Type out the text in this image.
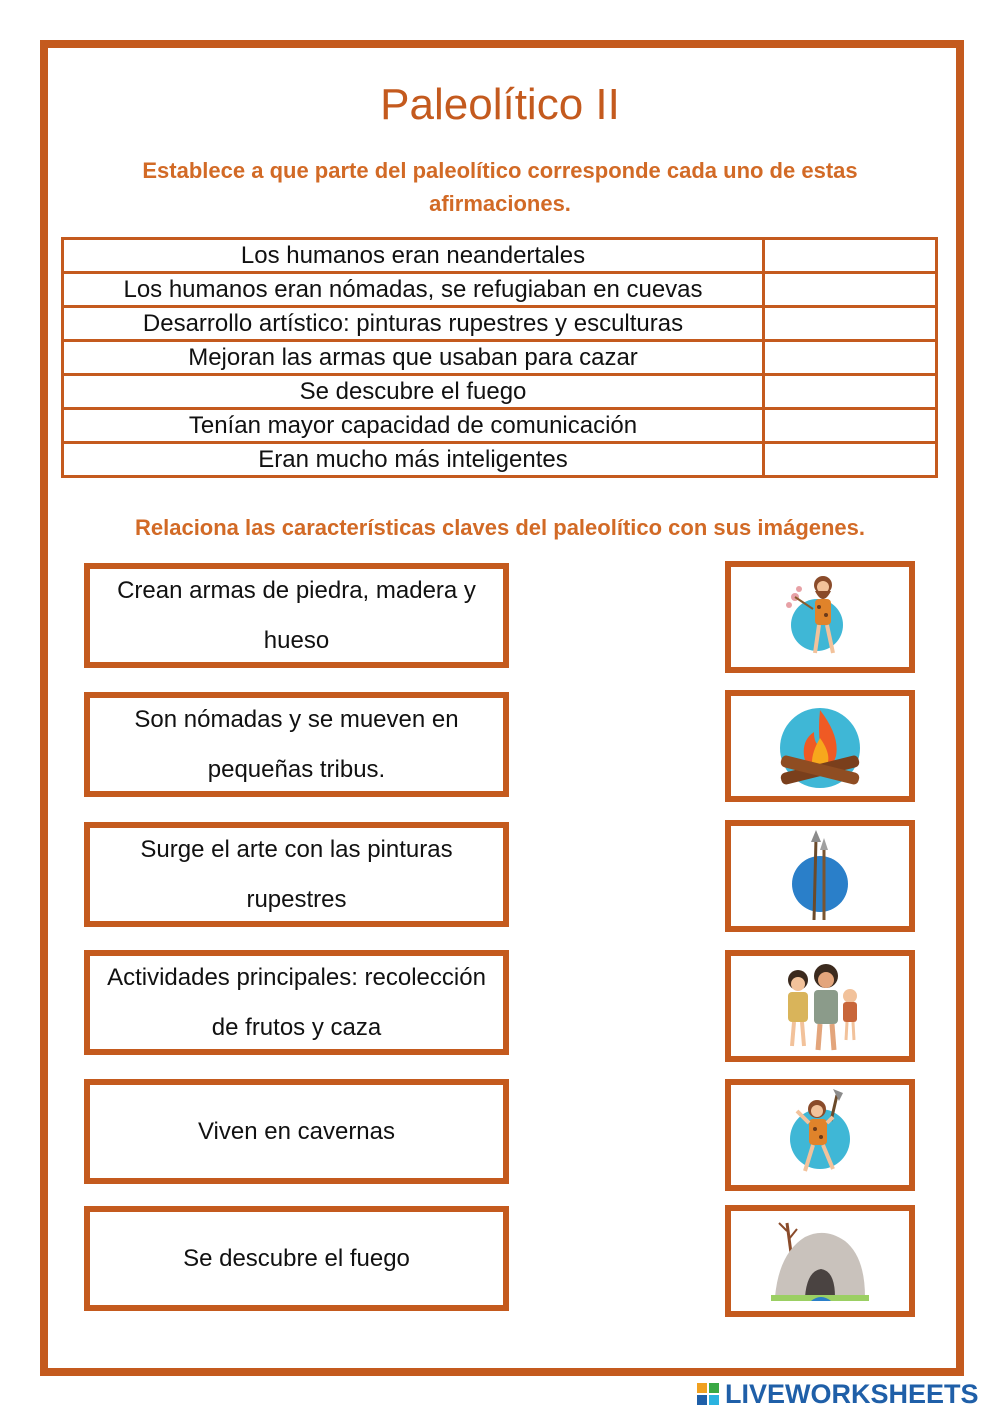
Paleolítico II
Establece a que parte del paleolítico corresponde cada uno de estas afirmaciones.
Los humanos eran neandertales	
Los humanos eran nómadas, se refugiaban en cuevas	
Desarrollo artístico: pinturas rupestres y esculturas	
Mejoran las armas que usaban para cazar	
Se descubre el fuego	
Tenían mayor capacidad de comunicación	
Eran mucho más inteligentes	
Relaciona las características claves del paleolítico con sus imágenes.
Crean armas de piedra, madera y hueso
Son nómadas y se mueven en pequeñas tribus.
Surge el arte con las pinturas rupestres
Actividades principales: recolección de frutos y caza
Viven en cavernas
Se descubre el fuego
LIVEWORKSHEETS
